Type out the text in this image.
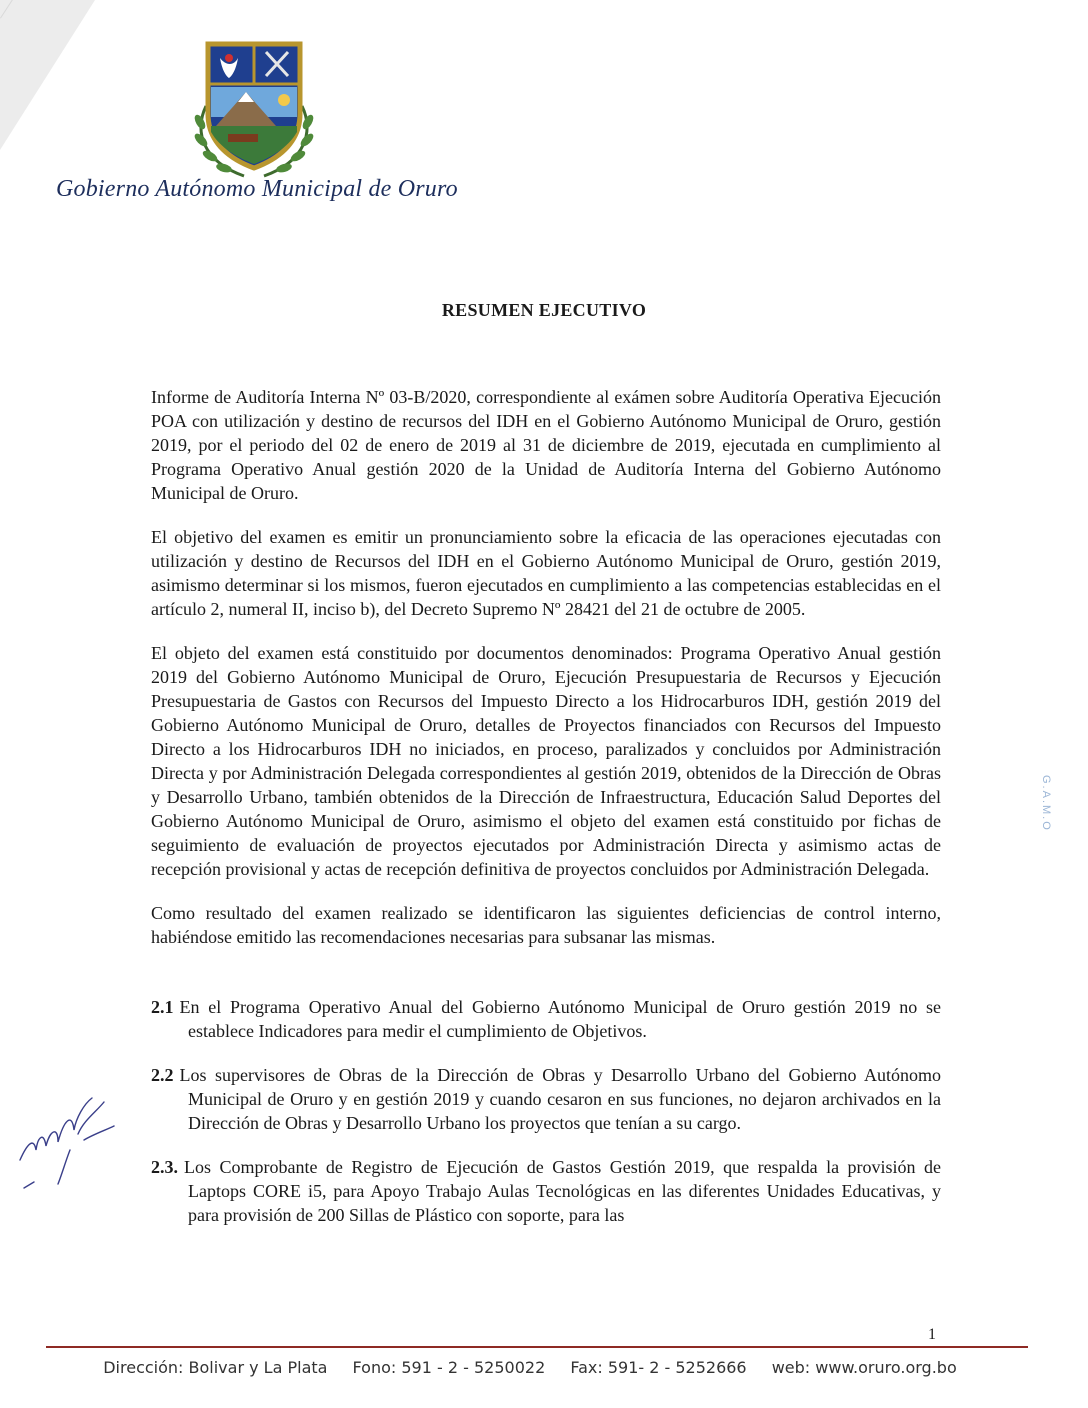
Gobierno Autónomo Municipal de Oruro
RESUMEN EJECUTIVO

Informe de Auditoría Interna Nº 03-B/2020, correspondiente al exámen sobre Auditoría Operativa Ejecución POA con utilización y destino de recursos del IDH en el Gobierno Autónomo Municipal de Oruro, gestión 2019, por el periodo del 02 de enero de 2019 al 31 de diciembre de 2019, ejecutada en cumplimiento al Programa Operativo Anual gestión 2020 de la Unidad de Auditoría Interna del Gobierno Autónomo Municipal de Oruro.

El objetivo del examen es emitir un pronunciamiento sobre la eficacia de las operaciones ejecutadas con utilización y destino de Recursos del IDH en el Gobierno Autónomo Municipal de Oruro, gestión 2019, asimismo determinar si los mismos, fueron ejecutados en cumplimiento a las competencias establecidas en el artículo 2, numeral II, inciso b), del Decreto Supremo Nº 28421 del 21 de octubre de 2005.

El objeto del examen está constituido por documentos denominados: Programa Operativo Anual gestión 2019 del Gobierno Autónomo Municipal de Oruro, Ejecución Presupuestaria de Recursos y Ejecución Presupuestaria de Gastos con Recursos del Impuesto Directo a los Hidrocarburos IDH, gestión 2019 del Gobierno Autónomo Municipal de Oruro, detalles de Proyectos financiados con Recursos del Impuesto Directo a los Hidrocarburos IDH no iniciados, en proceso, paralizados y concluidos por Administración Directa y por Administración Delegada correspondientes al gestión 2019, obtenidos de la Dirección de Obras y Desarrollo Urbano, también obtenidos de la Dirección de Infraestructura, Educación Salud Deportes del Gobierno Autónomo Municipal de Oruro, asimismo el objeto del examen está constituido por fichas de seguimiento de evaluación de proyectos ejecutados por Administración Directa y asimismo actas de recepción provisional y actas de recepción definitiva de proyectos concluidos por Administración Delegada.

Como resultado del examen realizado se identificaron las siguientes deficiencias de control interno, habiéndose emitido las recomendaciones necesarias para subsanar las mismas.

2.1 En el Programa Operativo Anual del Gobierno Autónomo Municipal de Oruro gestión 2019 no se establece Indicadores para medir el cumplimiento de Objetivos.

2.2 Los supervisores de Obras de la Dirección de Obras y Desarrollo Urbano del Gobierno Autónomo Municipal de Oruro y en gestión 2019 y cuando cesaron en sus funciones, no dejaron archivados en la Dirección de Obras y Desarrollo Urbano los proyectos que tenían a su cargo.

2.3. Los Comprobante de Registro de Ejecución de Gastos Gestión 2019, que respalda la provisión de Laptops CORE i5, para Apoyo Trabajo Aulas Tecnológicas en las diferentes Unidades Educativas, y para provisión de 200 Sillas de Plástico con soporte, para las

G.A.M.O
1
Dirección: Bolivar y La Plata Fono: 591 - 2 - 5250022 Fax: 591- 2 - 5252666 web: www.oruro.org.bo
